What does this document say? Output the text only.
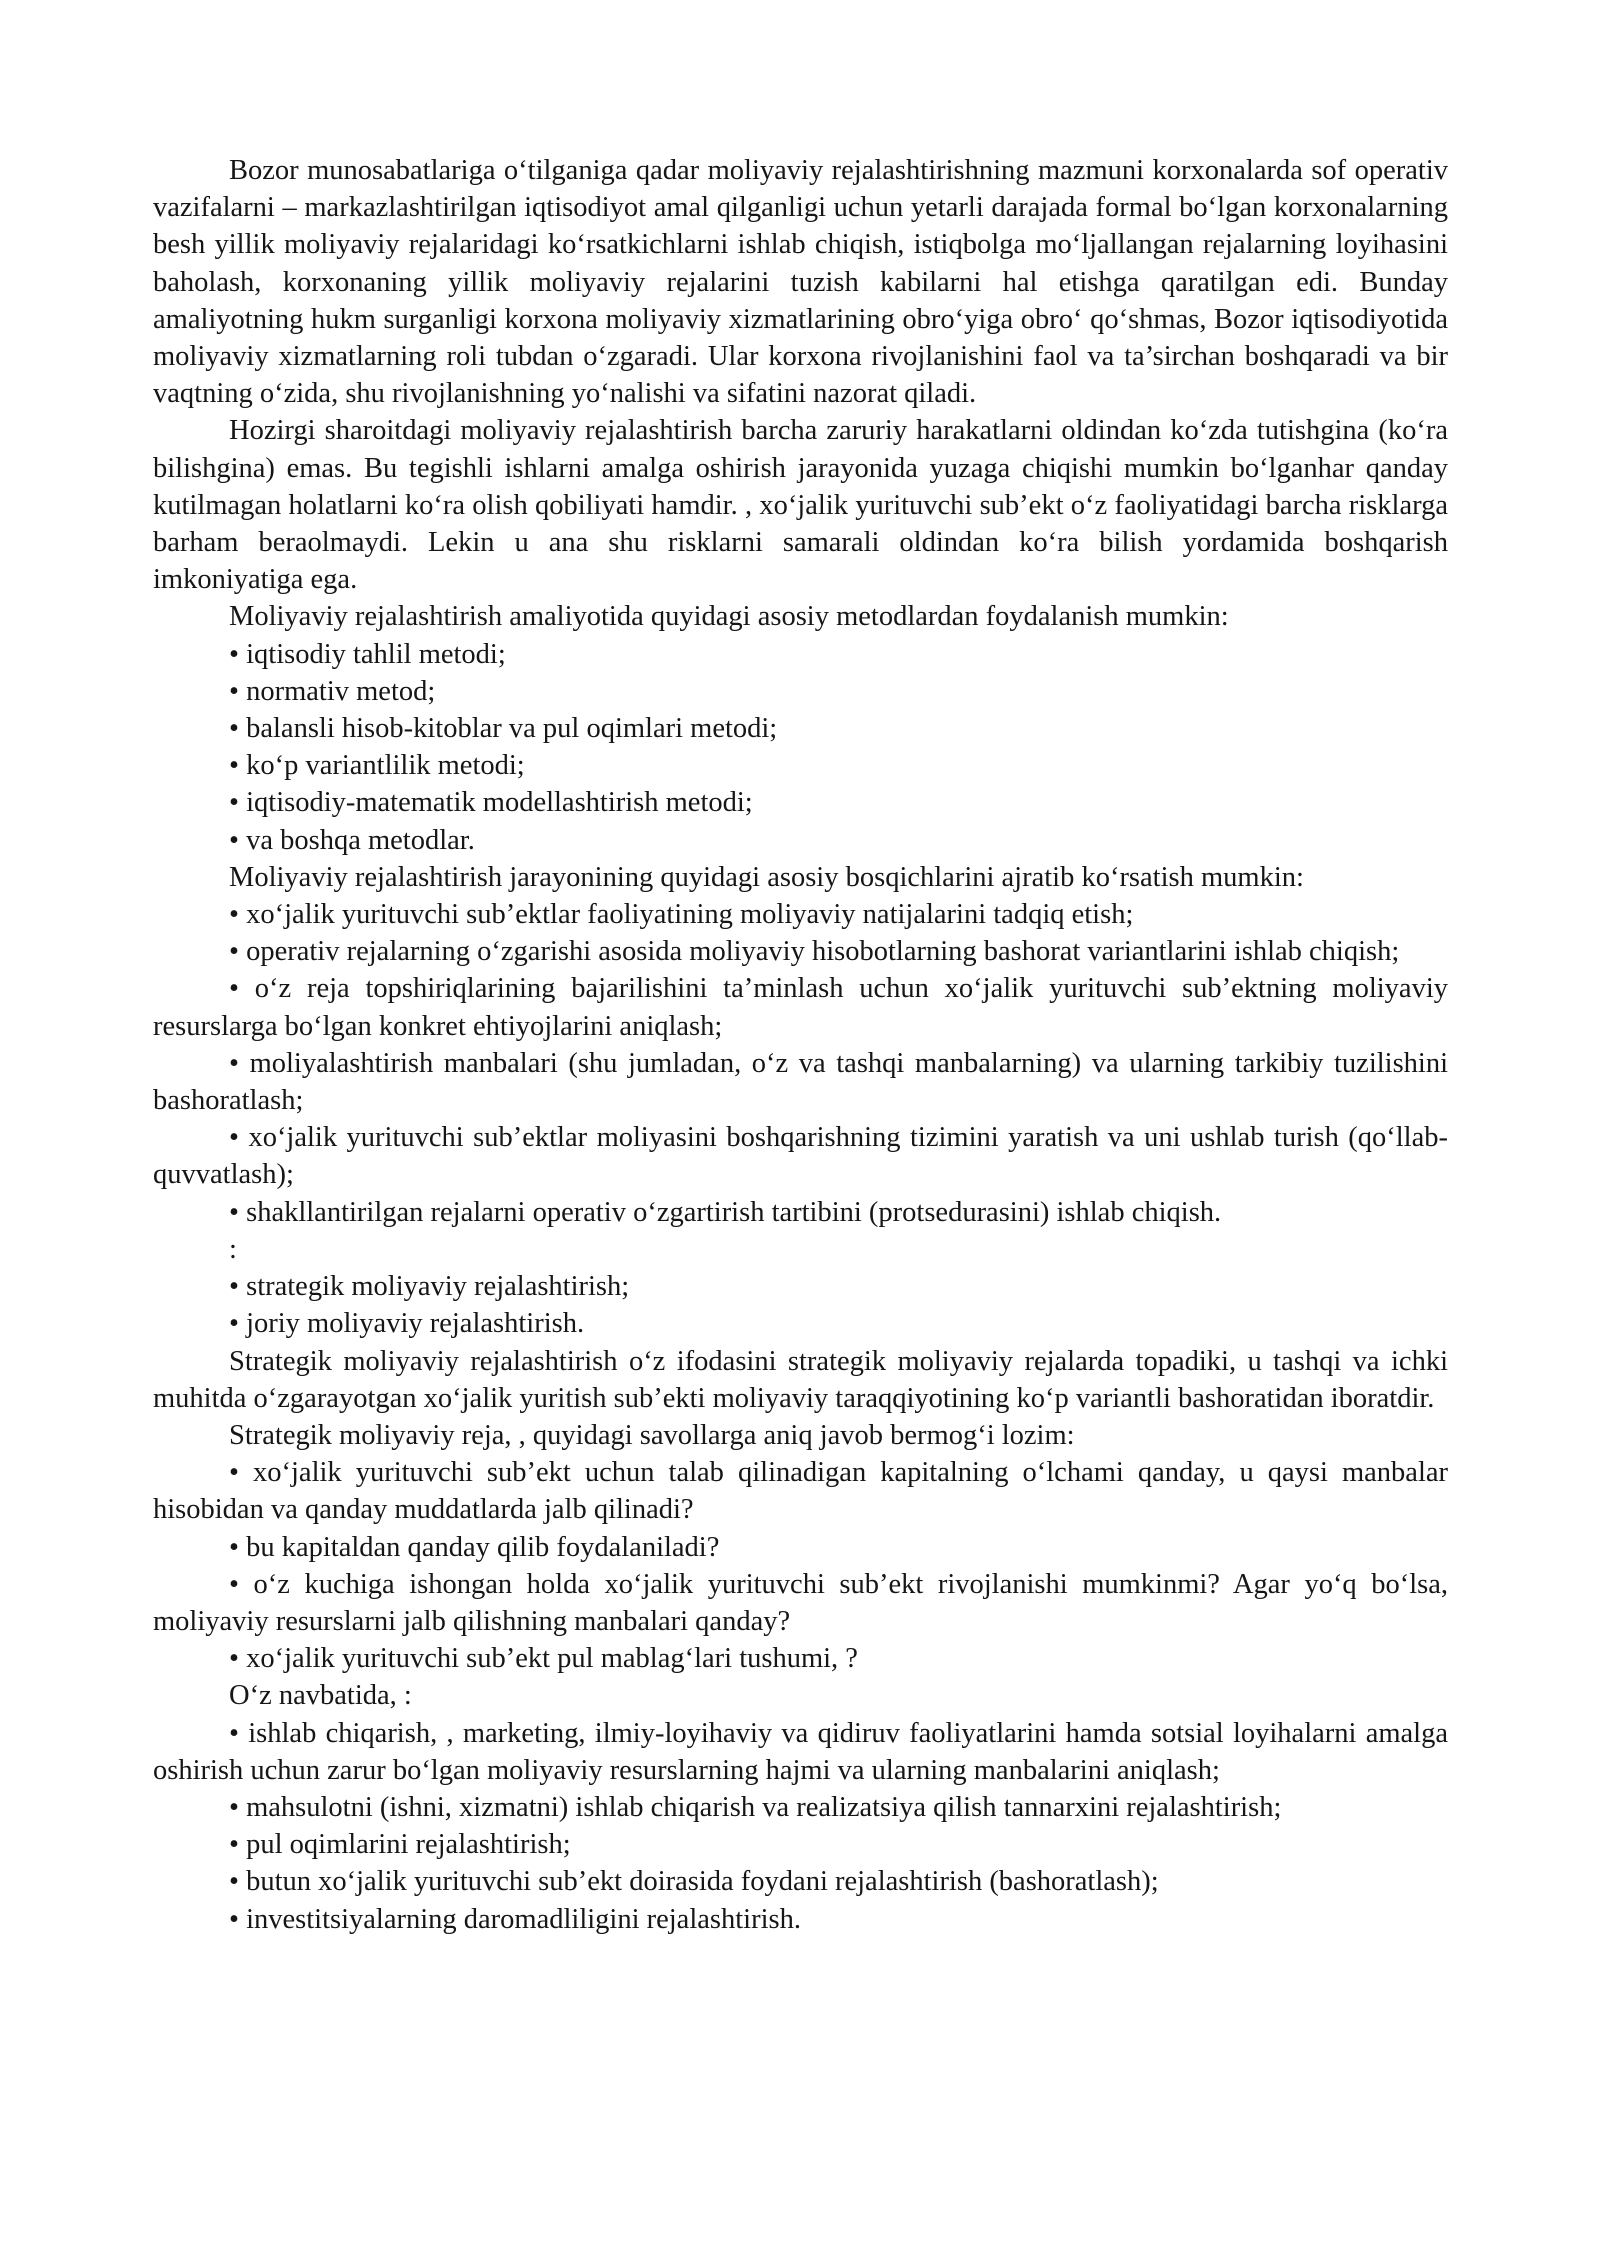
Bozor munosabatlariga o‘tilganiga qadar moliyaviy rejalashtirishning mazmuni korxonalarda sof operativ vazifalarni – markazlashtirilgan iqtisodiyot amal qilganligi uchun yetarli darajada formal bo‘lgan korxonalarning besh yillik moliyaviy rejalaridagi ko‘rsatkichlarni ishlab chiqish, istiqbolga mo‘ljallangan rejalarning loyihasini baholash, korxonaning yillik moliyaviy rejalarini tuzish kabilarni hal etishga qaratilgan edi. Bunday amaliyotning hukm surganligi korxona moliyaviy xizmatlarining obro‘yiga obro‘ qo‘shmas, Bozor iqtisodiyotida moliyaviy xizmatlarning roli tubdan o‘zgaradi. Ular korxona rivojlanishini faol va ta’sirchan boshqaradi va bir vaqtning o‘zida, shu rivojlanishning yo‘nalishi va sifatini nazorat qiladi.

Hozirgi sharoitdagi moliyaviy rejalashtirish barcha zaruriy harakatlarni oldindan ko‘zda tutishgina (ko‘ra bilishgina) emas. Bu tegishli ishlarni amalga oshirish jarayonida yuzaga chiqishi mumkin bo‘lganhar qanday kutilmagan holatlarni ko‘ra olish qobiliyati hamdir. , xo‘jalik yurituvchi sub’ekt o‘z faoliyatidagi barcha risklarga barham beraolmaydi. Lekin u ana shu risklarni samarali oldindan ko‘ra bilish yordamida boshqarish imkoniyatiga ega.

Moliyaviy rejalashtirish amaliyotida quyidagi asosiy metodlardan foydalanish mumkin:

• iqtisodiy tahlil metodi;

• normativ metod;

• balansli hisob-kitoblar va pul oqimlari metodi;

• ko‘p variantlilik metodi;

• iqtisodiy-matematik modellashtirish metodi;

• va boshqa metodlar.

Moliyaviy rejalashtirish jarayonining quyidagi asosiy bosqichlarini ajratib ko‘rsatish mumkin:

• xo‘jalik yurituvchi sub’ektlar faoliyatining moliyaviy natijalarini tadqiq etish;

• operativ rejalarning o‘zgarishi asosida moliyaviy hisobotlarning bashorat variantlarini ishlab chiqish;

• o‘z reja topshiriqlarining bajarilishini ta’minlash uchun xo‘jalik yurituvchi sub’ektning moliyaviy resurslarga bo‘lgan konkret ehtiyojlarini aniqlash;

• moliyalashtirish manbalari (shu jumladan, o‘z va tashqi manbalarning) va ularning tarkibiy tuzilishini bashoratlash;

• xo‘jalik yurituvchi sub’ektlar moliyasini boshqarishning tizimini yaratish va uni ushlab turish (qo‘llab-quvvatlash);

• shakllantirilgan rejalarni operativ o‘zgartirish tartibini (protsedurasini) ishlab chiqish.

:

• strategik moliyaviy rejalashtirish;

• joriy moliyaviy rejalashtirish.

Strategik moliyaviy rejalashtirish o‘z ifodasini strategik moliyaviy rejalarda topadiki, u tashqi va ichki muhitda o‘zgarayotgan xo‘jalik yuritish sub’ekti moliyaviy taraqqiyotining ko‘p variantli bashoratidan iboratdir.

Strategik moliyaviy reja, , quyidagi savollarga aniq javob bermog‘i lozim:

• xo‘jalik yurituvchi sub’ekt uchun talab qilinadigan kapitalning o‘lchami qanday, u qaysi manbalar hisobidan va qanday muddatlarda jalb qilinadi?

• bu kapitaldan qanday qilib foydalaniladi?

• o‘z kuchiga ishongan holda xo‘jalik yurituvchi sub’ekt rivojlanishi mumkinmi? Agar yo‘q bo‘lsa, moliyaviy resurslarni jalb qilishning manbalari qanday?

• xo‘jalik yurituvchi sub’ekt pul mablag‘lari tushumi, ?

O‘z navbatida, :

• ishlab chiqarish, , marketing, ilmiy-loyihaviy va qidiruv faoliyatlarini hamda sotsial loyihalarni amalga oshirish uchun zarur bo‘lgan moliyaviy resurslarning hajmi va ularning manbalarini aniqlash;

• mahsulotni (ishni, xizmatni) ishlab chiqarish va realizatsiya qilish tannarxini rejalashtirish;

• pul oqimlarini rejalashtirish;

• butun xo‘jalik yurituvchi sub’ekt doirasida foydani rejalashtirish (bashoratlash);

• investitsiyalarning daromadliligini rejalashtirish.
